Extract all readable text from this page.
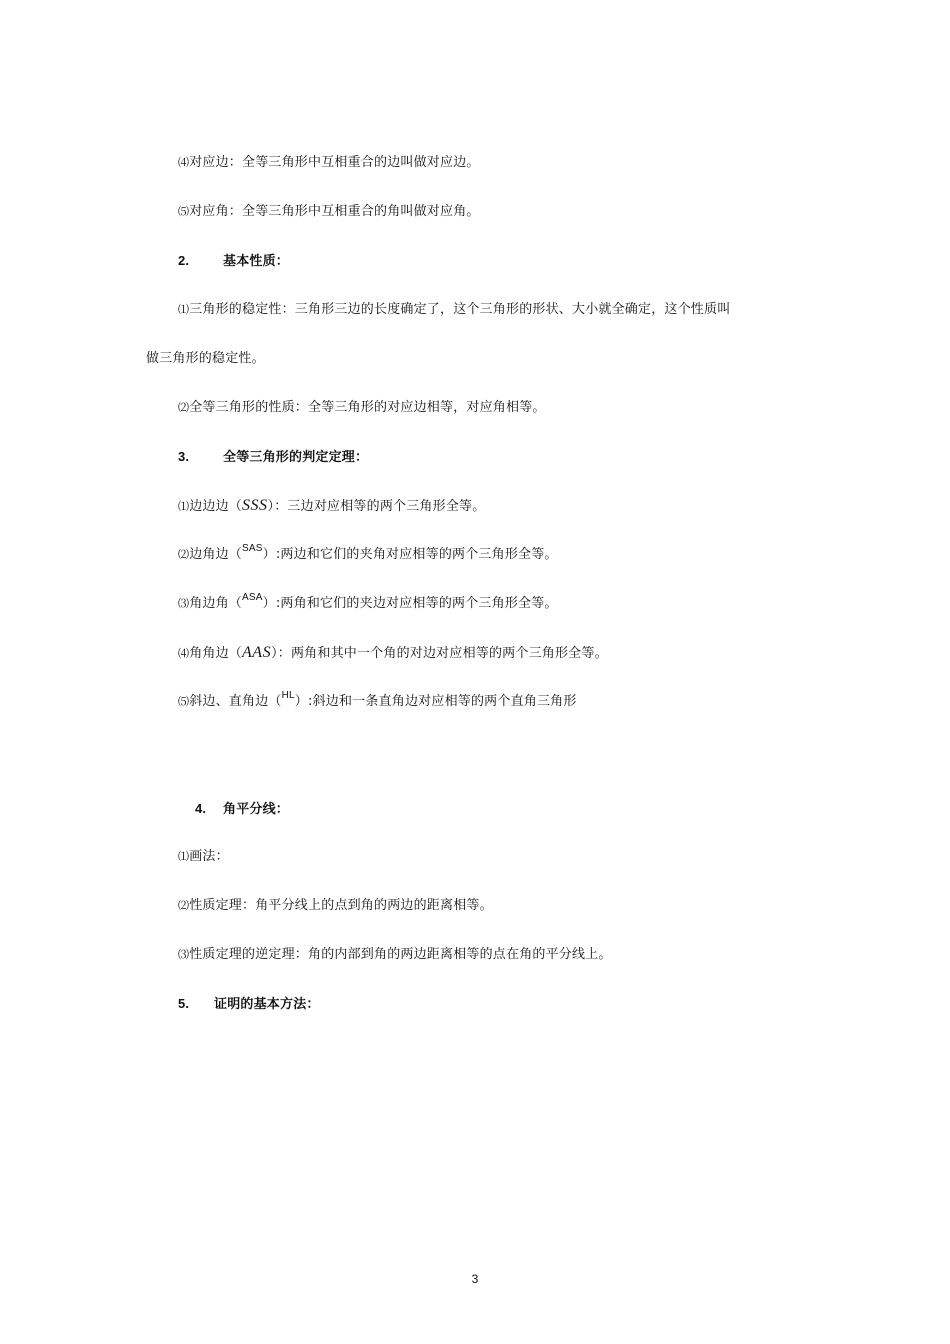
⑷对应边：全等三角形中互相重合的边叫做对应边。
⑸对应角：全等三角形中互相重合的角叫做对应角。
2.	基本性质：
⑴三角形的稳定性：三角形三边的长度确定了，这个三角形的形状、大小就全确定，这个性质叫
做三角形的稳定性。
⑵全等三角形的性质：全等三角形的对应边相等，对应角相等。
3.	全等三角形的判定定理：
⑴边边边（SSS）：三边对应相等的两个三角形全等。
⑵边角边（$^{SAS}$）:两边和它们的夹角对应相等的两个三角形全等。
⑶角边角（$^{ASA}$）:两角和它们的夹边对应相等的两个三角形全等。
⑷角角边（AAS）：两角和其中一个角的对边对应相等的两个三角形全等。
⑸斜边、直角边（$^{HL}$）:斜边和一条直角边对应相等的两个直角三角形
4. 角平分线：
⑴画法：
⑵性质定理：角平分线上的点到角的两边的距离相等。
⑶性质定理的逆定理：角的内部到角的两边距离相等的点在角的平分线上。
5. 证明的基本方法：
3
